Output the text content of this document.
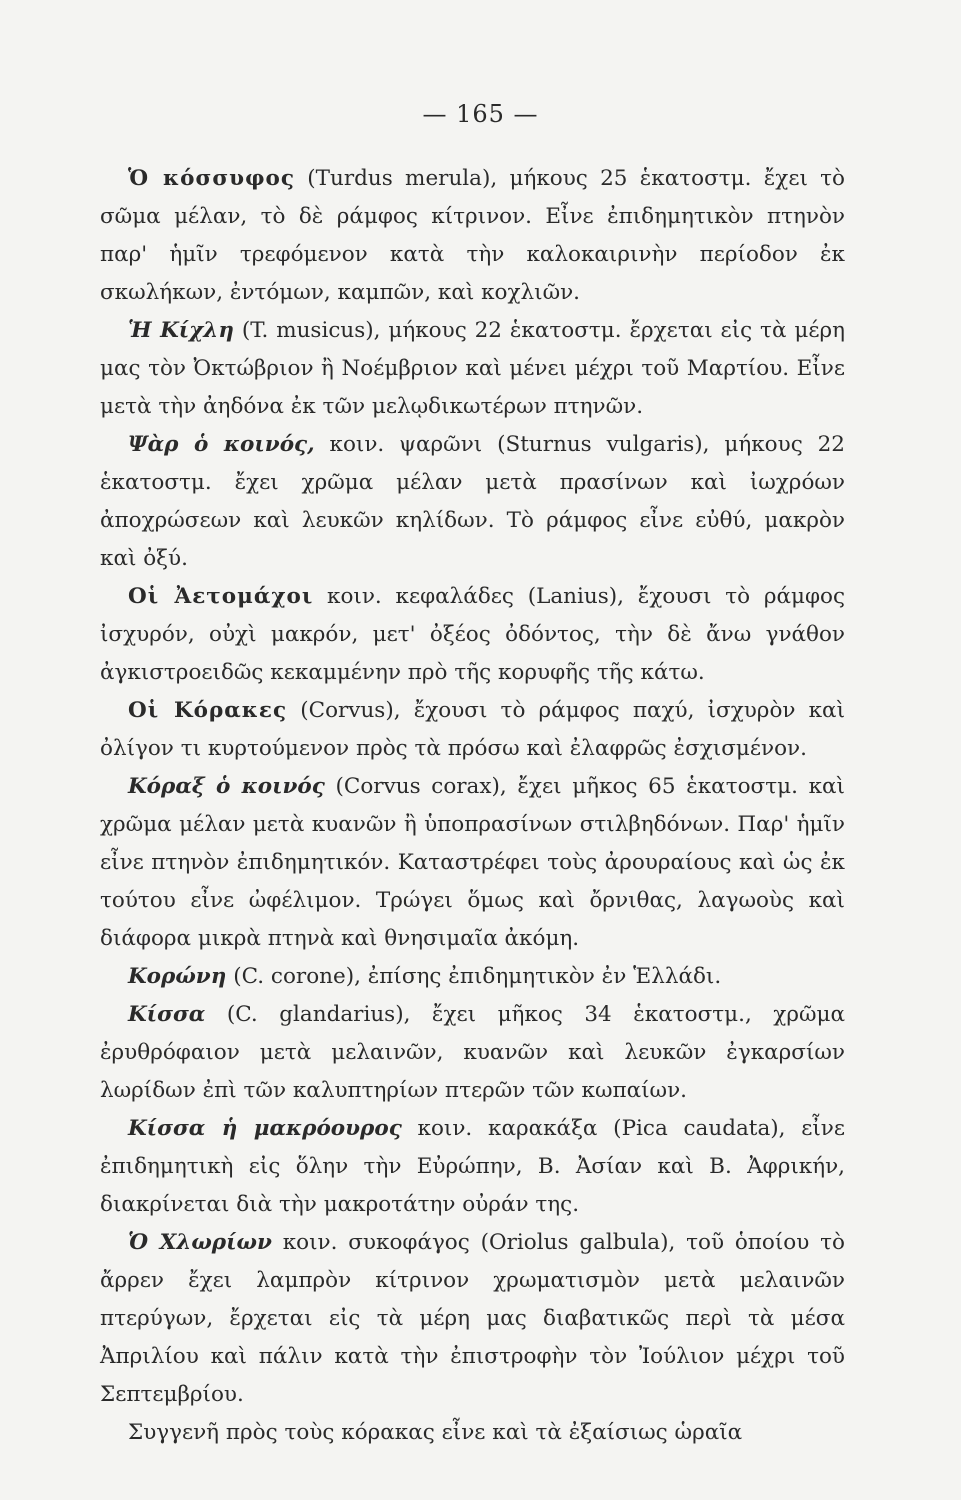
— 165 —

Ὁ κόσσυφος (Turdus merula), μήκους 25 ἑκατοστμ. ἔχει τὸ σῶμα μέλαν, τὸ δὲ ράμφος κίτρινον. Εἶνε ἐπιδημητικὸν πτηνὸν παρ' ἡμῖν τρεφόμενον κατὰ τὴν καλοκαιρινὴν περίοδον ἐκ σκωλήκων, ἐντόμων, καμπῶν, καὶ κοχλιῶν.

Ἡ Κίχλη (T. musicus), μήκους 22 ἑκατοστμ. ἔρχεται εἰς τὰ μέρη μας τὸν Ὀκτώβριον ἢ Νοέμβριον καὶ μένει μέχρι τοῦ Μαρτίου. Εἶνε μετὰ τὴν ἀηδόνα ἐκ τῶν μελῳδικωτέρων πτηνῶν.

Ψὰρ ὁ κοινός, κοιν. ψαρῶνι (Sturnus vulgaris), μήκους 22 ἑκατοστμ. ἔχει χρῶμα μέλαν μετὰ πρασίνων καὶ ἰωχρόων ἀποχρώσεων καὶ λευκῶν κηλίδων. Τὸ ράμφος εἶνε εὐθύ, μακρὸν καὶ ὀξύ.

Οἱ Ἀετομάχοι κοιν. κεφαλάδες (Lanius), ἔχουσι τὸ ράμφος ἰσχυρόν, οὐχὶ μακρόν, μετ' ὀξέος ὀδόντος, τὴν δὲ ἄνω γνάθον ἀγκιστροειδῶς κεκαμμένην πρὸ τῆς κορυφῆς τῆς κάτω.

Οἱ Κόρακες (Corvus), ἔχουσι τὸ ράμφος παχύ, ἰσχυρὸν καὶ ὀλίγον τι κυρτούμενον πρὸς τὰ πρόσω καὶ ἐλαφρῶς ἐσχισμένον.

Κόραξ ὁ κοινός (Corvus corax), ἔχει μῆκος 65 ἑκατοστμ. καὶ χρῶμα μέλαν μετὰ κυανῶν ἢ ὑποπρασίνων στιλβηδόνων. Παρ' ἡμῖν εἶνε πτηνὸν ἐπιδημητικόν. Καταστρέφει τοὺς ἀρουραίους καὶ ὡς ἐκ τούτου εἶνε ὠφέλιμον. Τρώγει ὅμως καὶ ὄρνιθας, λαγωοὺς καὶ διάφορα μικρὰ πτηνὰ καὶ θνησιμαῖα ἀκόμη.

Κορώνη (C. corone), ἐπίσης ἐπιδημητικὸν ἐν Ἑλλάδι.

Κίσσα (C. glandarius), ἔχει μῆκος 34 ἑκατοστμ., χρῶμα ἐρυθρόφαιον μετὰ μελαινῶν, κυανῶν καὶ λευκῶν ἐγκαρσίων λωρίδων ἐπὶ τῶν καλυπτηρίων πτερῶν τῶν κωπαίων.

Κίσσα ἡ μακρόουρος κοιν. καρακάξα (Pica caudata), εἶνε ἐπιδημητικὴ εἰς ὅλην τὴν Εὐρώπην, Β. Ἀσίαν καὶ Β. Ἀφρικήν, διακρίνεται διὰ τὴν μακροτάτην οὐράν της.

Ὁ Χλωρίων κοιν. συκοφάγος (Oriolus galbula), τοῦ ὁποίου τὸ ἄρρεν ἔχει λαμπρὸν κίτρινον χρωματισμὸν μετὰ μελαινῶν πτερύγων, ἔρχεται εἰς τὰ μέρη μας διαβατικῶς περὶ τὰ μέσα Ἀπριλίου καὶ πάλιν κατὰ τὴν ἐπιστροφὴν τὸν Ἰούλιον μέχρι τοῦ Σεπτεμβρίου.

Συγγενῆ πρὸς τοὺς κόρακας εἶνε καὶ τὰ ἐξαίσιως ὡραῖα
